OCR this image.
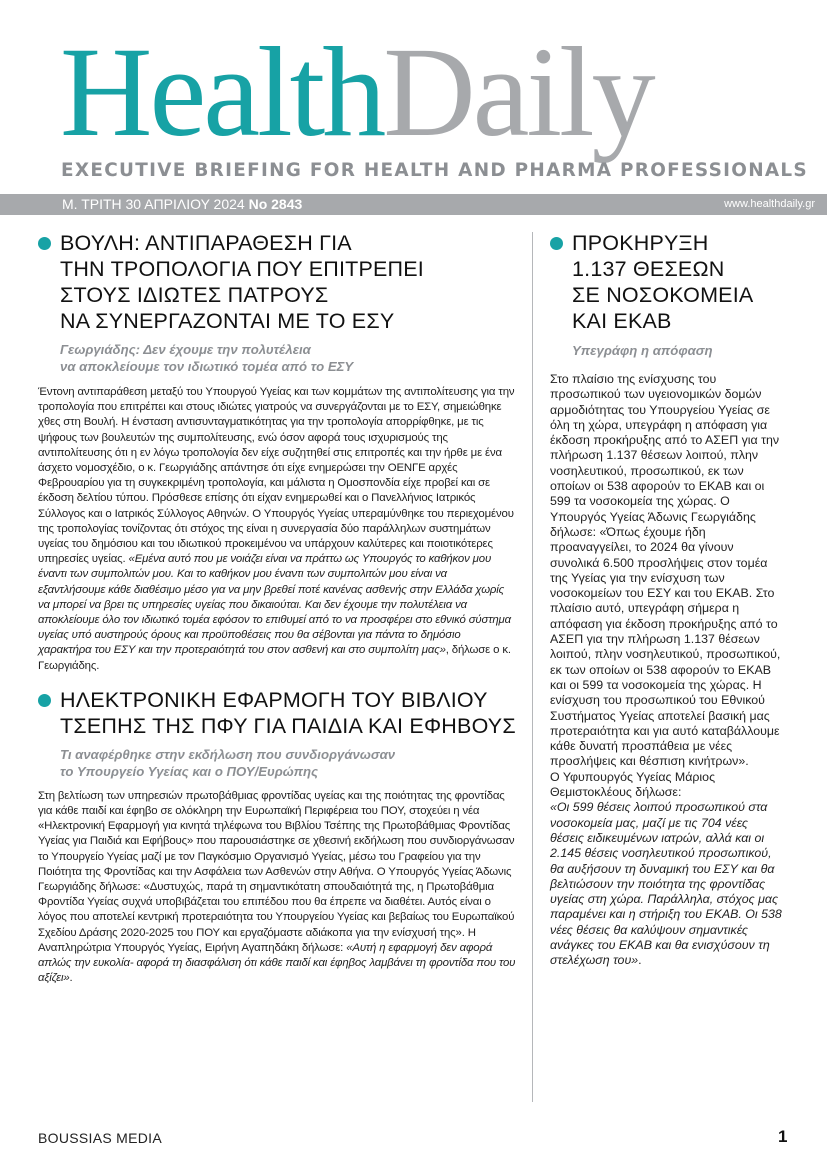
HealthDaily
EXECUTIVE BRIEFING FOR HEALTH AND PHARMA PROFESSIONALS
Μ. ΤΡΙΤΗ 30 ΑΠΡΙΛΙΟΥ 2024 No 2843	www.healthdaily.gr
ΒΟΥΛΗ: ΑΝΤΙΠΑΡΑΘΕΣΗ ΓΙΑ
ΤΗΝ ΤΡΟΠΟΛΟΓΙΑ ΠΟΥ ΕΠΙΤΡΕΠΕΙ
ΣΤΟΥΣ ΙΔΙΩΤΕΣ ΠΑΤΡΟΥΣ
ΝΑ ΣΥΝΕΡΓΑΖΟΝΤΑΙ ΜΕ ΤΟ ΕΣΥ
Γεωργιάδης: Δεν έχουμε την πολυτέλεια
να αποκλείουμε τον ιδιωτικό τομέα από το ΕΣΥ
Έντονη αντιπαράθεση μεταξύ του Υπουργού Υγείας και των κομμάτων της αντιπολίτευσης για την τροπολογία που επιτρέπει και στους ιδιώτες γιατρούς να συνεργάζονται με το ΕΣΥ, σημειώθηκε χθες στη Βουλή. Η ένσταση αντισυνταγματικότητας για την τροπολογία απορρίφθηκε, με τις ψήφους των βουλευτών της συμπολίτευσης, ενώ όσον αφορά τους ισχυρισμούς της αντιπολίτευσης ότι η εν λόγω τροπολογία δεν είχε συζητηθεί στις επιτροπές και την ήρθε με ένα άσχετο νομοσχέδιο, ο κ. Γεωργιάδης απάντησε ότι είχε ενημερώσει την ΟΕΝΓΕ αρχές Φεβρουαρίου για τη συγκεκριμένη τροπολογία, και μάλιστα η Ομοσπονδία είχε προβεί και σε έκδοση δελτίου τύπου. Πρόσθεσε επίσης ότι είχαν ενημερωθεί και ο Πανελλήνιος Ιατρικός Σύλλογος και ο Ιατρικός Σύλλογος Αθηνών. Ο Υπουργός Υγείας υπεραμύνθηκε του περιεχομένου της τροπολογίας τονίζοντας ότι στόχος της είναι η συνεργασία δύο παράλληλων συστημάτων υγείας του δημόσιου και του ιδιωτικού προκειμένου να υπάρχουν καλύτερες και ποιοτικότερες υπηρεσίες υγείας. «Εμένα αυτό που με νοιάζει είναι να πράττω ως Υπουργός το καθήκον μου έναντι των συμπολιτών μου. Και το καθήκον μου έναντι των συμπολιτών μου είναι να εξαντλήσουμε κάθε διαθέσιμο μέσο για να μην βρεθεί ποτέ κανένας ασθενής στην Ελλάδα χωρίς να μπορεί να βρει τις υπηρεσίες υγείας που δικαιούται. Και δεν έχουμε την πολυτέλεια να αποκλείουμε όλο τον ιδιωτικό τομέα εφόσον το επιθυμεί από το να προσφέρει στο εθνικό σύστημα υγείας υπό αυστηρούς όρους και προϋποθέσεις που θα σέβονται για πάντα το δημόσιο χαρακτήρα του ΕΣΥ και την προτεραιότητά του στον ασθενή και στο συμπολίτη μας», δήλωσε ο κ. Γεωργιάδης.
ΗΛΕΚΤΡΟΝΙΚΗ ΕΦΑΡΜΟΓΗ ΤΟΥ ΒΙΒΛΙΟΥ
ΤΣΕΠΗΣ ΤΗΣ ΠΦΥ ΓΙΑ ΠΑΙΔΙΑ ΚΑΙ ΕΦΗΒΟΥΣ
Τι αναφέρθηκε στην εκδήλωση που συνδιοργάνωσαν
το Υπουργείο Υγείας και ο ΠΟΥ/Ευρώπης
Στη βελτίωση των υπηρεσιών πρωτοβάθμιας φροντίδας υγείας και της ποιότητας της φροντίδας για κάθε παιδί και έφηβο σε ολόκληρη την Ευρωπαϊκή Περιφέρεια του ΠΟΥ, στοχεύει η νέα «Ηλεκτρονική Εφαρμογή για κινητά τηλέφωνα του Βιβλίου Τσέπης της Πρωτοβάθμιας Φροντίδας Υγείας για Παιδιά και Εφήβους» που παρουσιάστηκε σε χθεσινή εκδήλωση που συνδιοργάνωσαν το Υπουργείο Υγείας μαζί με τον Παγκόσμιο Οργανισμό Υγείας, μέσω του Γραφείου για την Ποιότητα της Φροντίδας και την Ασφάλεια των Ασθενών στην Αθήνα. Ο Υπουργός Υγείας Άδωνις Γεωργιάδης δήλωσε: «Δυστυχώς, παρά τη σημαντικότατη σπουδαιότητά της, η Πρωτοβάθμια Φροντίδα Υγείας συχνά υποβιβάζεται του επιπέδου που θα έπρεπε να διαθέτει. Αυτός είναι ο λόγος που αποτελεί κεντρική προτεραιότητα του Υπουργείου Υγείας και βεβαίως του Ευρωπαϊκού Σχεδίου Δράσης 2020-2025 του ΠΟΥ και εργαζόμαστε αδιάκοπα για την ενίσχυσή της». Η Αναπληρώτρια Υπουργός Υγείας, Ειρήνη Αγαπηδάκη δήλωσε: «Αυτή η εφαρμογή δεν αφορά απλώς την ευκολία- αφορά τη διασφάλιση ότι κάθε παιδί και έφηβος λαμβάνει τη φροντίδα που του αξίζει».
ΠΡΟΚΗΡΥΞΗ
1.137 ΘΕΣΕΩΝ
ΣΕ ΝΟΣΟΚΟΜΕΙΑ
ΚΑΙ ΕΚΑΒ
Υπεγράφη η απόφαση

Στο πλαίσιο της ενίσχυσης του προσωπικού των υγειονομικών δομών αρμοδιότητας του Υπουργείου Υγείας σε όλη τη χώρα, υπεγράφη η απόφαση για έκδοση προκήρυξης από το ΑΣΕΠ για την πλήρωση 1.137 θέσεων λοιπού, πλην νοσηλευτικού, προσωπικού, εκ των οποίων οι 538 αφορούν το ΕΚΑΒ και οι 599 τα νοσοκομεία της χώρας. Ο Υπουργός Υγείας Άδωνις Γεωργιάδης δήλωσε: «Όπως έχουμε ήδη προαναγγείλει, το 2024 θα γίνουν συνολικά 6.500 προσλήψεις στον τομέα της Υγείας για την ενίσχυση των νοσοκομείων του ΕΣΥ και του ΕΚΑΒ. Στο πλαίσιο αυτό, υπεγράφη σήμερα η απόφαση για έκδοση προκήρυξης από το ΑΣΕΠ για την πλήρωση 1.137 θέσεων λοιπού, πλην νοσηλευτικού, προσωπικού, εκ των οποίων οι 538 αφορούν το ΕΚΑΒ και οι 599 τα νοσοκομεία της χώρας. Η ενίσχυση του προσωπικού του Εθνικού Συστήματος Υγείας αποτελεί βασική μας προτεραιότητα και για αυτό καταβάλλουμε κάθε δυνατή προσπάθεια με νέες προσλήψεις και θέσπιση κινήτρων».

Ο Υφυπουργός Υγείας Μάριος Θεμιστοκλέους δήλωσε:

«Οι 599 θέσεις λοιπού προσωπικού στα νοσοκομεία μας, μαζί με τις 704 νέες θέσεις ειδικευμένων ιατρών, αλλά και οι 2.145 θέσεις νοσηλευτικού προσωπικού, θα αυξήσουν τη δυναμική του ΕΣΥ και θα βελτιώσουν την ποιότητα της φροντίδας υγείας στη χώρα. Παράλληλα, στόχος μας παραμένει και η στήριξη του ΕΚΑΒ. Οι 538 νέες θέσεις θα καλύψουν σημαντικές ανάγκες του ΕΚΑΒ και θα ενισχύσουν τη στελέχωση του».

BOUSSIAS MEDIA	1
